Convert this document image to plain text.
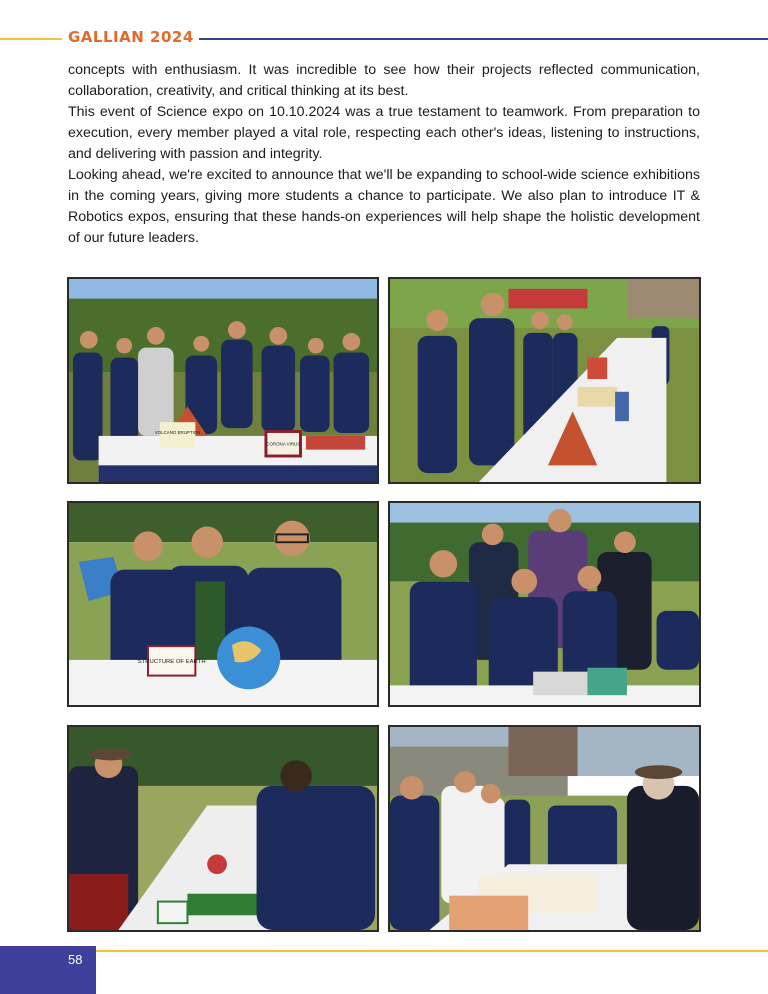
GALLIAN 2024

concepts with enthusiasm. It was incredible to see how their projects reflected communication, collaboration, creativity, and critical thinking at its best.

This event of Science expo on 10.10.2024 was a true testament to teamwork. From preparation to execution, every member played a vital role, respecting each other's ideas, listening to instructions, and delivering with passion and integrity.

Looking ahead, we're excited to announce that we'll be expanding to school-wide science exhibitions in the coming years, giving more students a chance to participate. We also plan to introduce IT & Robotics expos, ensuring that these hands-on experiences will help shape the holistic development of our future leaders.

VOLCANO ERUPTION
CORONA VIRUS
STRUCTURE OF EARTH
58
